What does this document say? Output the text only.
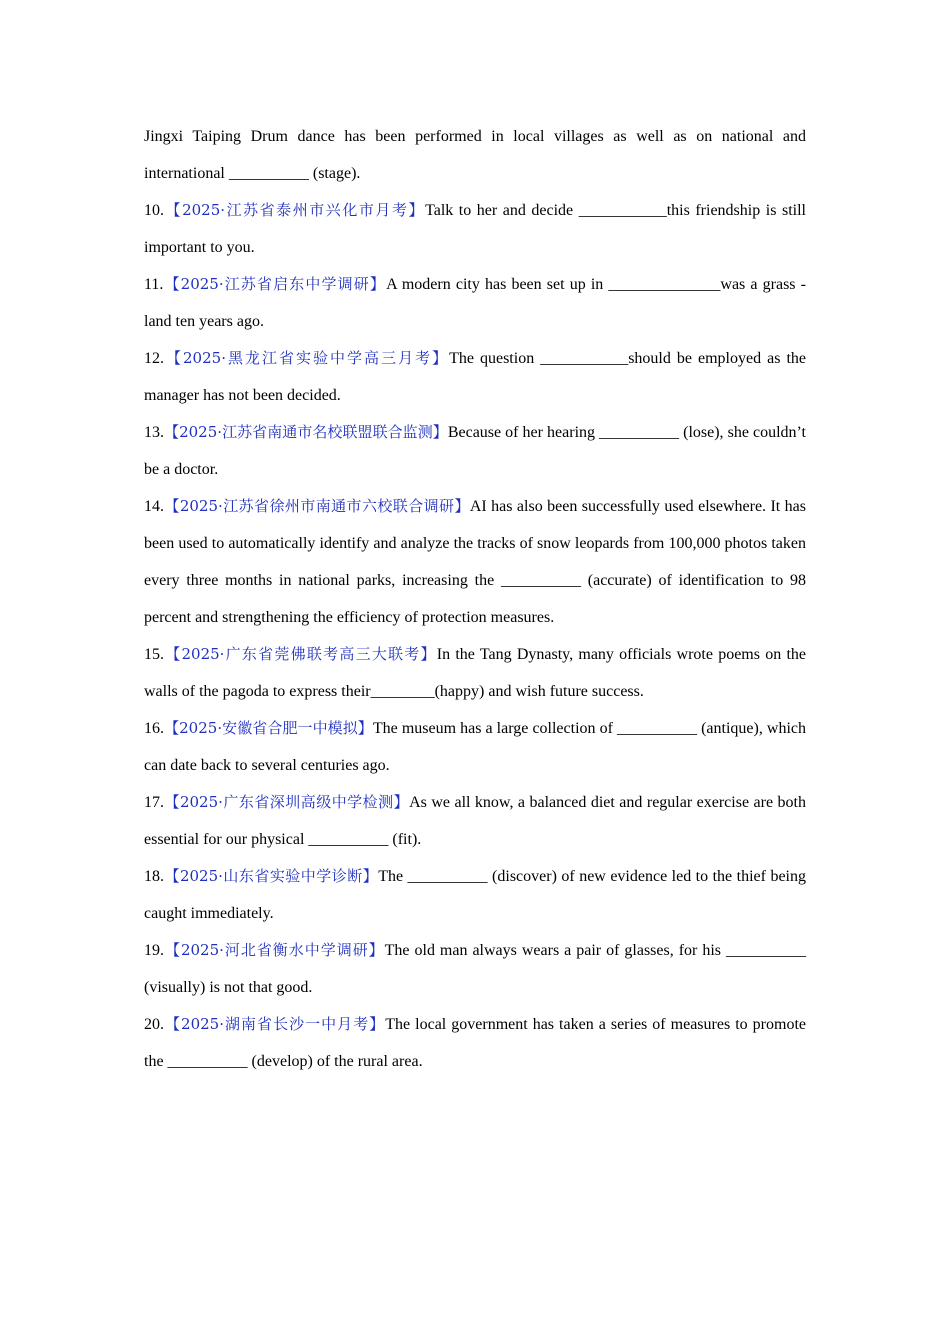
Jingxi Taiping Drum dance has been performed in local villages as well as on national and international __________ (stage).

10.【2025·江苏省泰州市兴化市月考】Talk to her and decide ___________this friendship is still important to you.

11.【2025·江苏省启东中学调研】A modern city has been set up in ______________was a grass - land ten years ago.

12.【2025·黑龙江省实验中学高三月考】The question ___________should be employed as the manager has not been decided.

13.【2025·江苏省南通市名校联盟联合监测】Because of her hearing __________ (lose), she couldn’t be a doctor.

14.【2025·江苏省徐州市南通市六校联合调研】AI has also been successfully used elsewhere. It has been used to automatically identify and analyze the tracks of snow leopards from 100,000 photos taken every three months in national parks, increasing the __________ (accurate) of identification to 98 percent and strengthening the efficiency of protection measures.

15.【2025·广东省莞佛联考高三大联考】In the Tang Dynasty, many officials wrote poems on the walls of the pagoda to express their________(happy) and wish future success.

16.【2025·安徽省合肥一中模拟】The museum has a large collection of __________ (antique), which can date back to several centuries ago.

17.【2025·广东省深圳高级中学检测】As we all know, a balanced diet and regular exercise are both essential for our physical __________ (fit).

18.【2025·山东省实验中学诊断】The __________ (discover) of new evidence led to the thief being caught immediately.

19.【2025·河北省衡水中学调研】The old man always wears a pair of glasses, for his __________ (visually) is not that good.

20.【2025·湖南省长沙一中月考】The local government has taken a series of measures to promote the __________ (develop) of the rural area.
